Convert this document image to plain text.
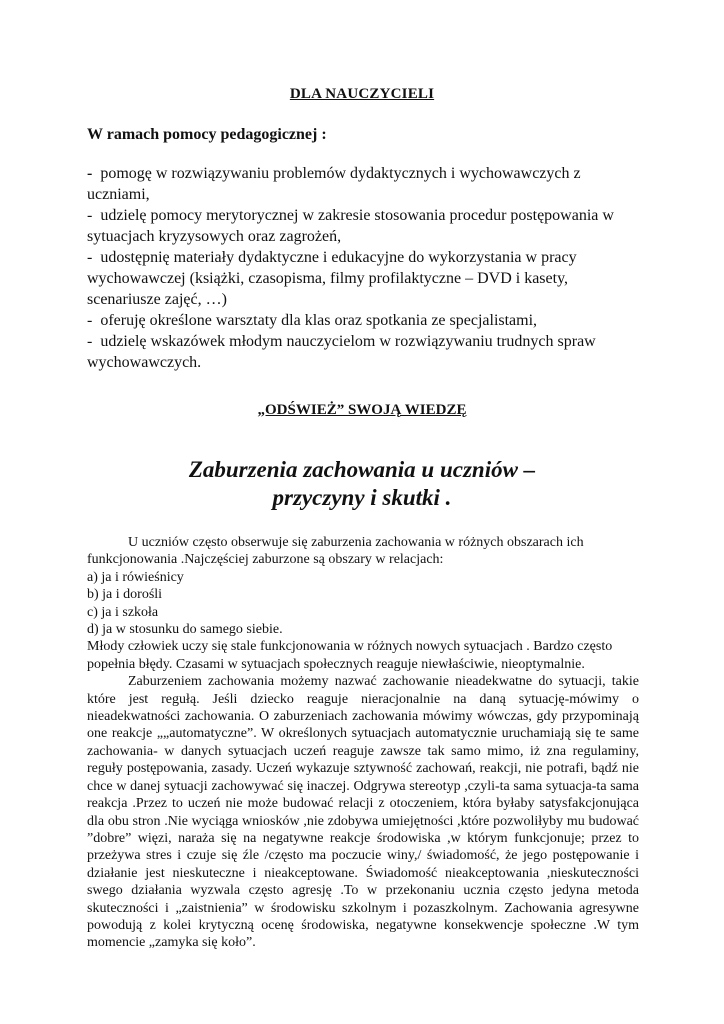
DLA NAUCZYCIELI
W ramach pomocy pedagogicznej :

- pomogę w rozwiązywaniu problemów dydaktycznych i wychowawczych z uczniami,

- udzielę pomocy merytorycznej w zakresie stosowania procedur postępowania w sytuacjach kryzysowych oraz zagrożeń,

- udostępnię materiały dydaktyczne i edukacyjne do wykorzystania w pracy wychowawczej (książki, czasopisma, filmy profilaktyczne – DVD i kasety, scenariusze zajęć, …)

- oferuję określone warsztaty dla klas oraz spotkania ze specjalistami,

- udzielę wskazówek młodym nauczycielom w rozwiązywaniu trudnych spraw wychowawczych.

„ODŚWIEŻ” SWOJĄ WIEDZĘ
Zaburzenia zachowania u uczniów –
przyczyny i skutki .

U uczniów często obserwuje się zaburzenia zachowania w różnych obszarach ich funkcjonowania .Najczęściej zaburzone są obszary w relacjach:

a) ja i rówieśnicy

b) ja i dorośli

c) ja i szkoła

d) ja w stosunku do samego siebie.

Młody człowiek uczy się stale funkcjonowania w różnych nowych sytuacjach . Bardzo często popełnia błędy. Czasami w sytuacjach społecznych reaguje niewłaściwie, nieoptymalnie.

Zaburzeniem zachowania możemy nazwać zachowanie nieadekwatne do sytuacji, takie które jest regułą. Jeśli dziecko reaguje nieracjonalnie na daną sytuację-mówimy o nieadekwatności zachowania. O zaburzeniach zachowania mówimy wówczas, gdy przypominają one reakcje „„automatyczne”. W określonych sytuacjach automatycznie uruchamiają się te same zachowania- w danych sytuacjach uczeń reaguje zawsze tak samo mimo, iż zna regulaminy, reguły postępowania, zasady. Uczeń wykazuje sztywność zachowań, reakcji, nie potrafi, bądź nie chce w danej sytuacji zachowywać się inaczej. Odgrywa stereotyp ,czyli-ta sama sytuacja-ta sama reakcja .Przez to uczeń nie może budować relacji z otoczeniem, która byłaby satysfakcjonująca dla obu stron .Nie wyciąga wniosków ,nie zdobywa umiejętności ,które pozwoliłyby mu budować ”dobre” więzi, naraża się na negatywne reakcje środowiska ,w którym funkcjonuje; przez to przeżywa stres i czuje się źle /często ma poczucie winy,/ świadomość, że jego postępowanie i działanie jest nieskuteczne i nieakceptowane. Świadomość nieakceptowania ,nieskuteczności swego działania wyzwala często agresję .To w przekonaniu ucznia często jedyna metoda skuteczności i „zaistnienia” w środowisku szkolnym i pozaszkolnym. Zachowania agresywne powodują z kolei krytyczną ocenę środowiska, negatywne konsekwencje społeczne .W tym momencie „zamyka się koło”.
